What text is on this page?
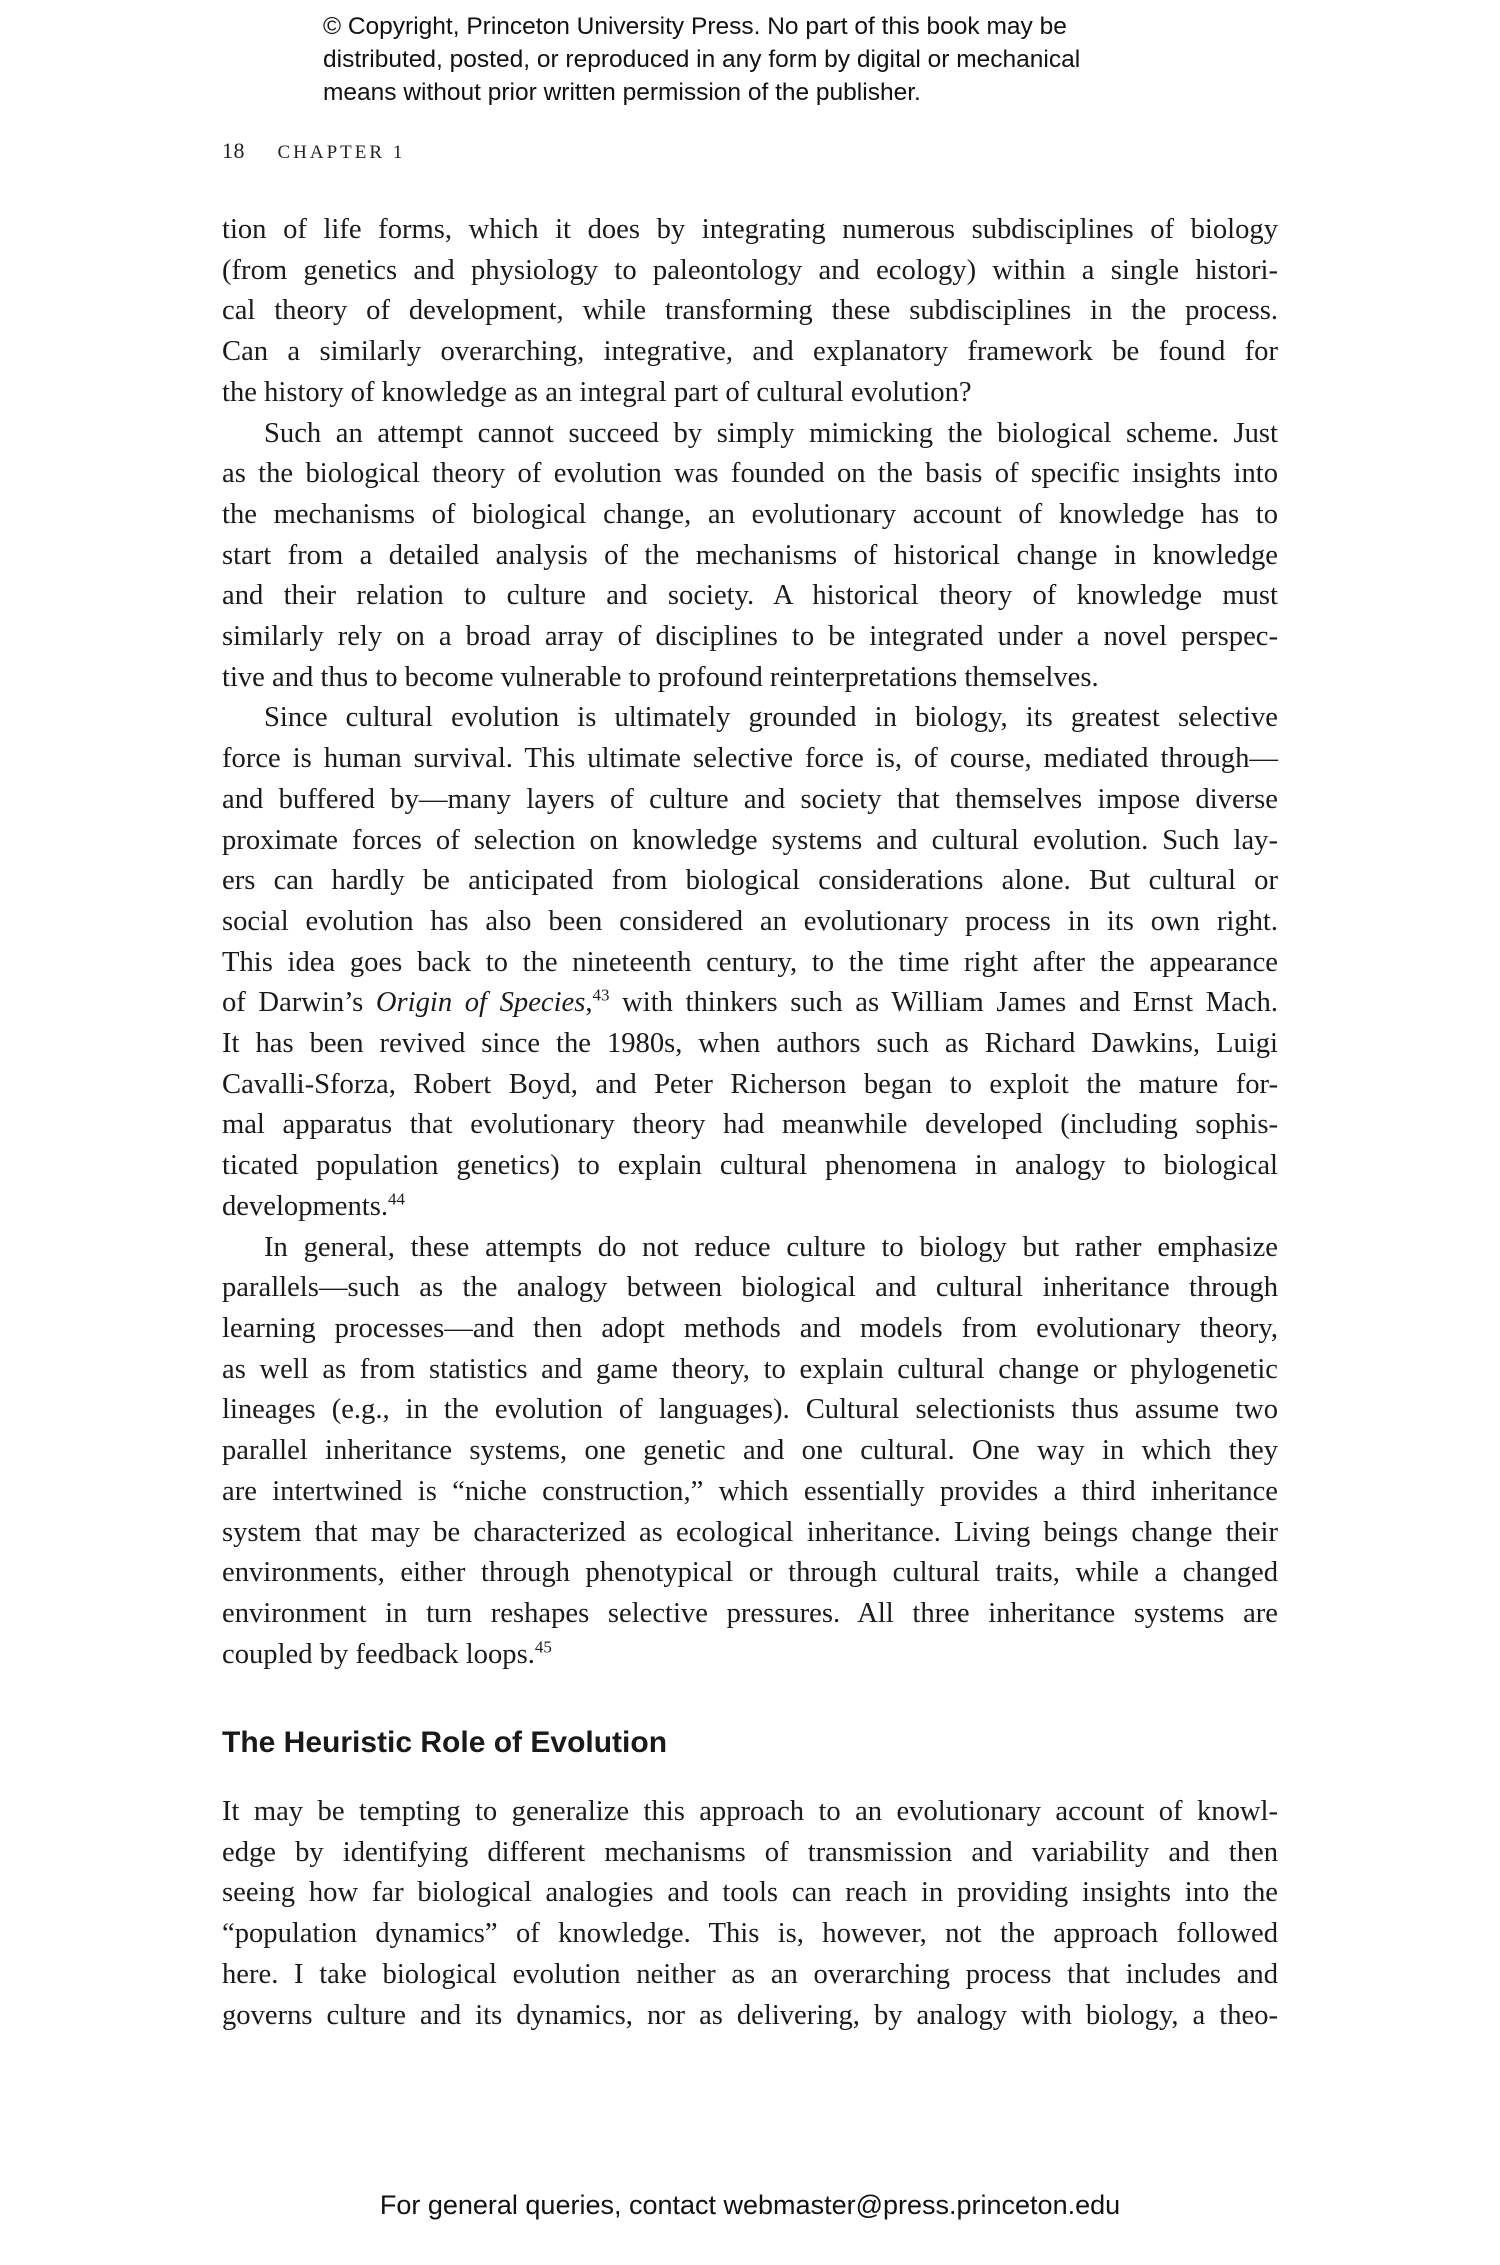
© Copyright, Princeton University Press. No part of this book may be
distributed, posted, or reproduced in any form by digital or mechanical
means without prior written permission of the publisher.
18 CHAPTER 1
tion of life forms, which it does by integrating numerous subdisciplines of biology
(from genetics and physiology to paleontology and ecology) within a single histori-
cal theory of development, while transforming these subdisciplines in the process.
Can a similarly overarching, integrative, and explanatory framework be found for
the history of knowledge as an integral part of cultural evolution?
Such an attempt cannot succeed by simply mimicking the biological scheme. Just
as the biological theory of evolution was founded on the basis of specific insights into
the mechanisms of biological change, an evolutionary account of knowledge has to
start from a detailed analysis of the mechanisms of historical change in knowledge
and their relation to culture and society. A historical theory of knowledge must
similarly rely on a broad array of disciplines to be integrated under a novel perspec-
tive and thus to become vulnerable to profound reinterpretations themselves.
Since cultural evolution is ultimately grounded in biology, its greatest selective
force is human survival. This ultimate selective force is, of course, mediated through—
and buffered by—many layers of culture and society that themselves impose diverse
proximate forces of selection on knowledge systems and cultural evolution. Such lay-
ers can hardly be anticipated from biological considerations alone. But cultural or
social evolution has also been considered an evolutionary process in its own right.
This idea goes back to the nineteenth century, to the time right after the appearance
of Darwin’s Origin of Species,$^{43}$ with thinkers such as William James and Ernst Mach.
It has been revived since the 1980s, when authors such as Richard Dawkins, Luigi
Cavalli-Sforza, Robert Boyd, and Peter Richerson began to exploit the mature for-
mal apparatus that evolutionary theory had meanwhile developed (including sophis-
ticated population genetics) to explain cultural phenomena in analogy to biological
developments.$^{44}$
In general, these attempts do not reduce culture to biology but rather emphasize
parallels—such as the analogy between biological and cultural inheritance through
learning processes—and then adopt methods and models from evolutionary theory,
as well as from statistics and game theory, to explain cultural change or phylogenetic
lineages (e.g., in the evolution of languages). Cultural selectionists thus assume two
parallel inheritance systems, one genetic and one cultural. One way in which they
are intertwined is “niche construction,” which essentially provides a third inheritance
system that may be characterized as ecological inheritance. Living beings change their
environments, either through phenotypical or through cultural traits, while a changed
environment in turn reshapes selective pressures. All three inheritance systems are
coupled by feedback loops.$^{45}$
The Heuristic Role of Evolution
It may be tempting to generalize this approach to an evolutionary account of knowl-
edge by identifying different mechanisms of transmission and variability and then
seeing how far biological analogies and tools can reach in providing insights into the
“population dynamics” of knowledge. This is, however, not the approach followed
here. I take biological evolution neither as an overarching process that includes and
governs culture and its dynamics, nor as delivering, by analogy with biology, a theo-
For general queries, contact webmaster@press.princeton.edu
